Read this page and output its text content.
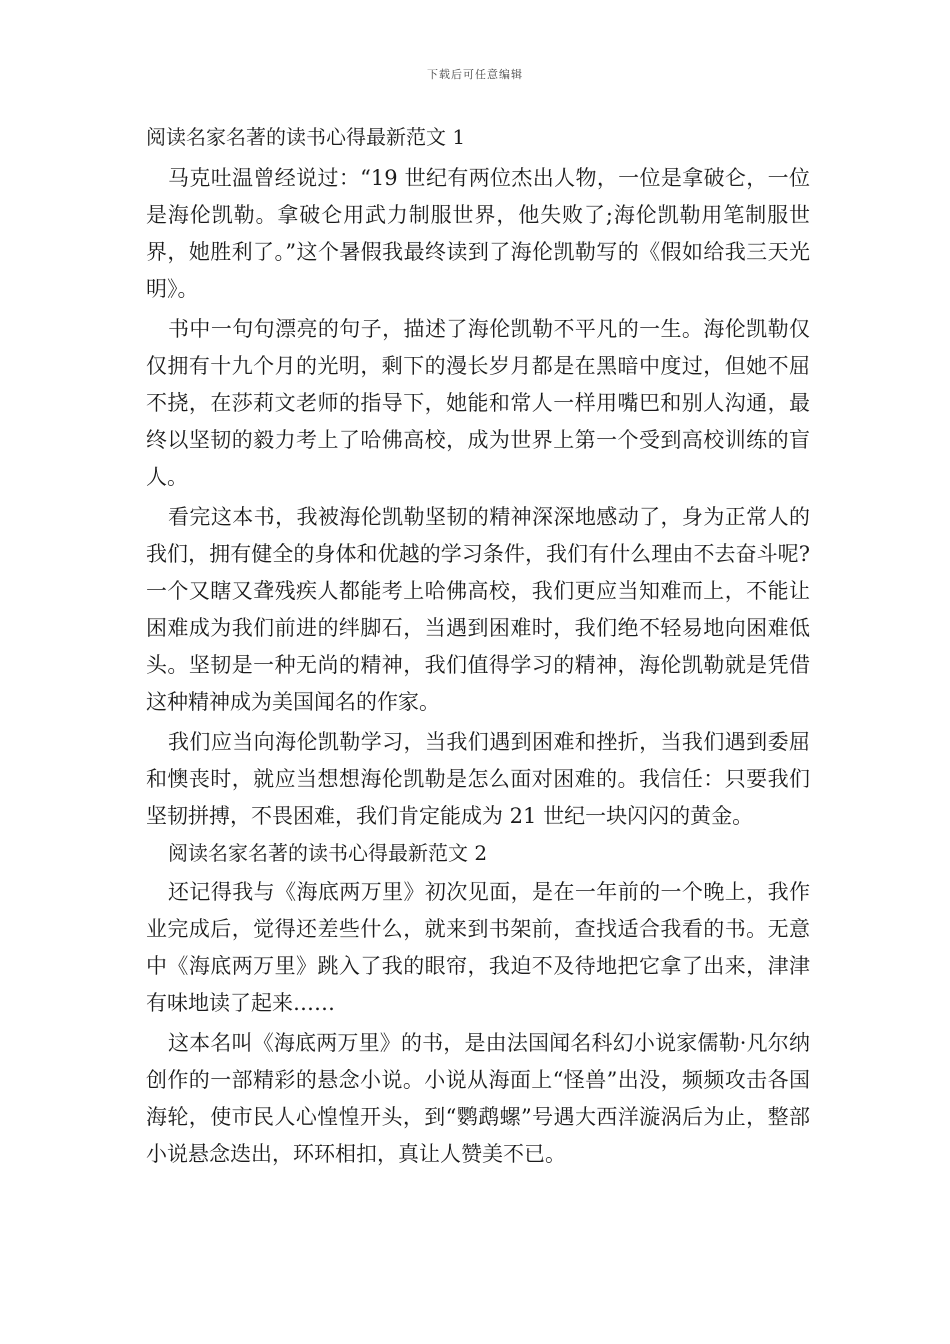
下载后可任意编辑
阅读名家名著的读书心得最新范文 1

马克吐温曾经说过：“19 世纪有两位杰出人物，一位是拿破仑，一位是海伦凯勒。拿破仑用武力制服世界，他失败了;海伦凯勒用笔制服世界，她胜利了。”这个暑假我最终读到了海伦凯勒写的《假如给我三天光明》。

书中一句句漂亮的句子，描述了海伦凯勒不平凡的一生。海伦凯勒仅仅拥有十九个月的光明，剩下的漫长岁月都是在黑暗中度过，但她不屈不挠，在莎莉文老师的指导下，她能和常人一样用嘴巴和别人沟通，最终以坚韧的毅力考上了哈佛高校，成为世界上第一个受到高校训练的盲人。

看完这本书，我被海伦凯勒坚韧的精神深深地感动了，身为正常人的我们，拥有健全的身体和优越的学习条件，我们有什么理由不去奋斗呢?一个又瞎又聋残疾人都能考上哈佛高校，我们更应当知难而上，不能让困难成为我们前进的绊脚石，当遇到困难时，我们绝不轻易地向困难低头。坚韧是一种无尚的精神，我们值得学习的精神，海伦凯勒就是凭借这种精神成为美国闻名的作家。

我们应当向海伦凯勒学习，当我们遇到困难和挫折，当我们遇到委屈和懊丧时，就应当想想海伦凯勒是怎么面对困难的。我信任：只要我们坚韧拼搏，不畏困难，我们肯定能成为 21 世纪一块闪闪的黄金。

阅读名家名著的读书心得最新范文 2

还记得我与《海底两万里》初次见面，是在一年前的一个晚上，我作业完成后，觉得还差些什么，就来到书架前，查找适合我看的书。无意中《海底两万里》跳入了我的眼帘，我迫不及待地把它拿了出来，津津有味地读了起来……

这本名叫《海底两万里》的书，是由法国闻名科幻小说家儒勒·凡尔纳创作的一部精彩的悬念小说。小说从海面上“怪兽”出没，频频攻击各国海轮，使市民人心惶惶开头，到“鹦鹉螺”号遇大西洋漩涡后为止，整部小说悬念迭出，环环相扣，真让人赞美不已。
